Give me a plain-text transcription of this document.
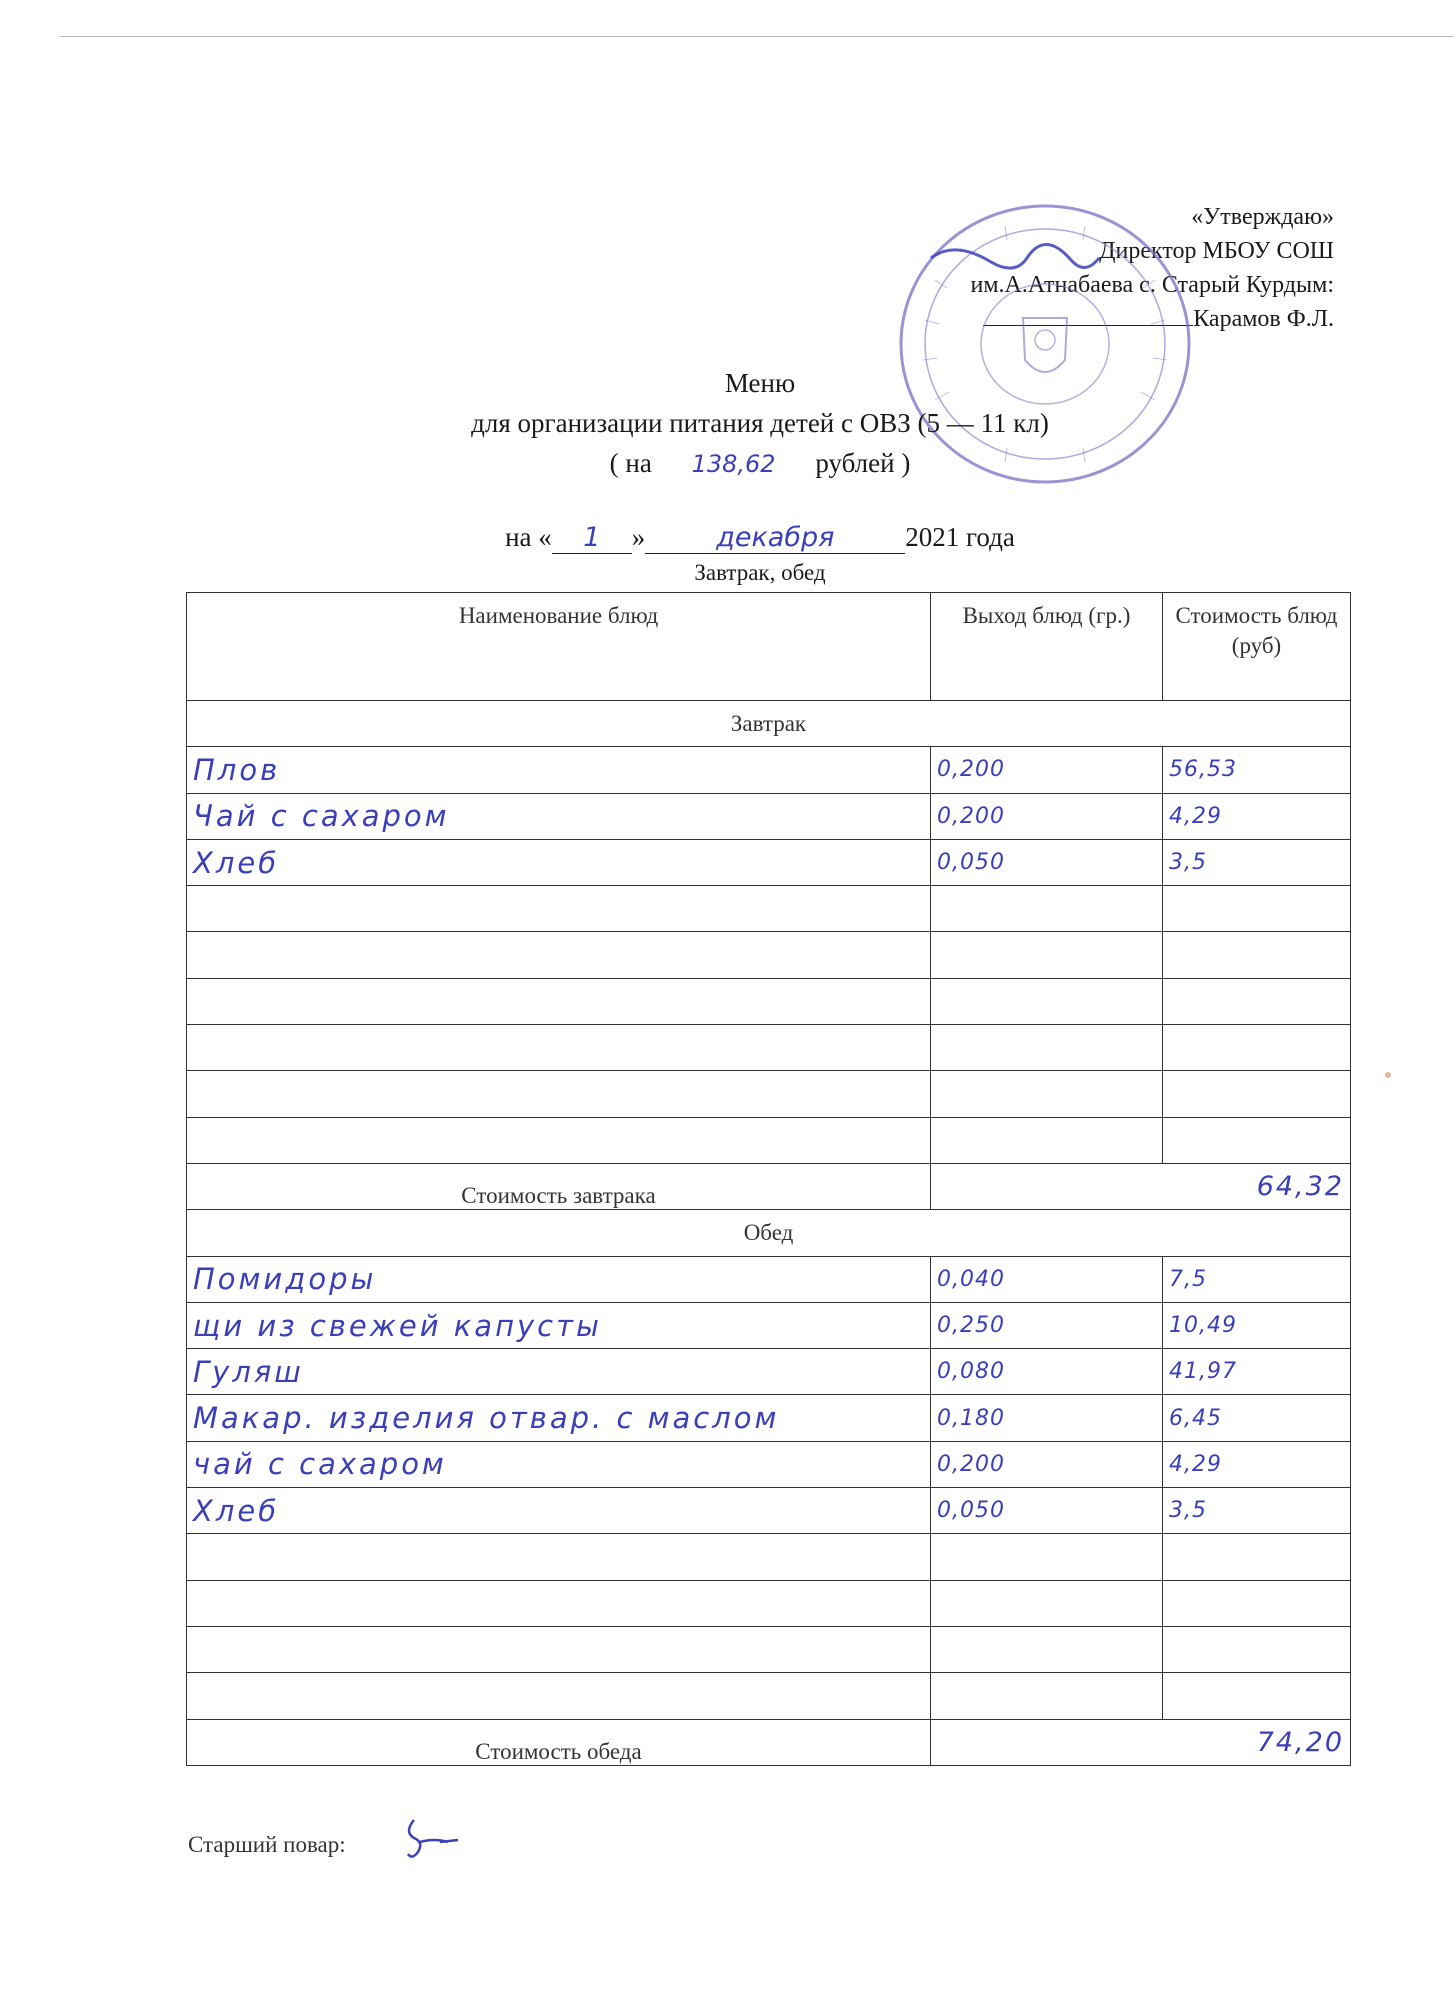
«Утверждаю»
Директор МБОУ СОШ
им.А.Атнабаева с. Старый Курдым:
Карамов Ф.Л.
Меню
для организации питания детей с ОВЗ (5 — 11 кл)
( на 138,62 рублей )
на « 1 »	декабря	2021 года
Завтрак, обед
Наименование блюд	Выход блюд (гр.)	Стоимость блюд (руб)
Завтрак		
Плов	0,200	56,53
Чай с сахаром	0,200	4,29
Хлеб	0,050	3,5

Стоимость завтрака	64,32	
Обед		
Помидоры	0,040	7,5
щи из свежей капусты	0,250	10,49
Гуляш	0,080	41,97
Макар. изделия отвар. с маслом	0,180	6,45
чай с сахаром	0,200	4,29
Хлеб	0,050	3,5

Стоимость обеда	74,20	
Старший повар:
